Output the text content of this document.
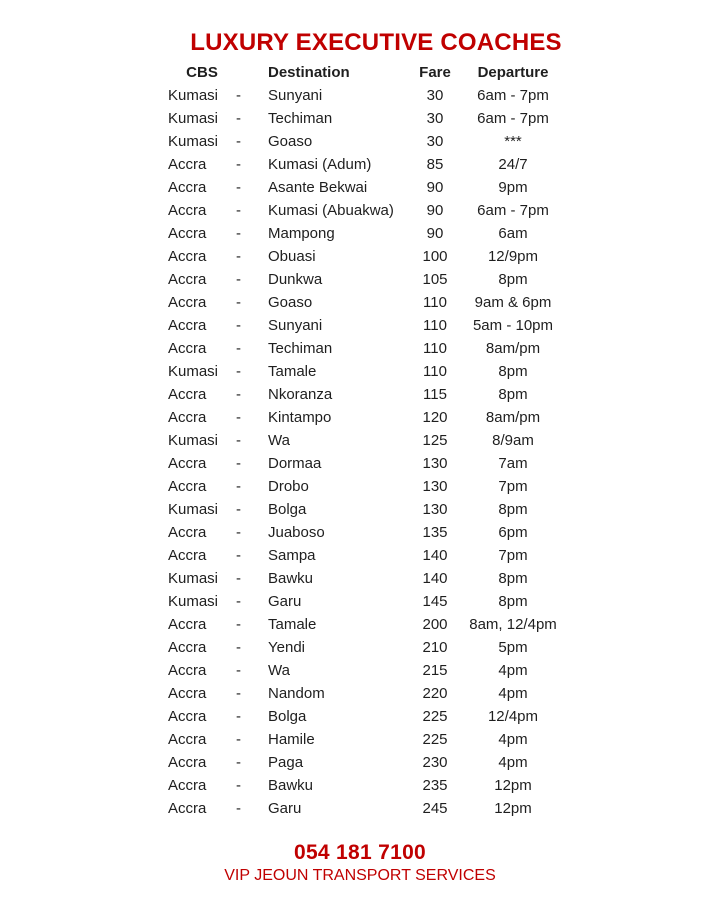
LUXURY EXECUTIVE COACHES
CBS	Destination	Fare	Departure
Kumasi	-	Sunyani	30	6am - 7pm
Kumasi	-	Techiman	30	6am - 7pm
Kumasi	-	Goaso	30	***
Accra	-	Kumasi (Adum)	85	24/7
Accra	-	Asante Bekwai	90	9pm
Accra	-	Kumasi (Abuakwa)	90	6am - 7pm
Accra	-	Mampong	90	6am
Accra	-	Obuasi	100	12/9pm
Accra	-	Dunkwa	105	8pm
Accra	-	Goaso	110	9am & 6pm
Accra	-	Sunyani	110	5am - 10pm
Accra	-	Techiman	110	8am/pm
Kumasi	-	Tamale	110	8pm
Accra	-	Nkoranza	115	8pm
Accra	-	Kintampo	120	8am/pm
Kumasi	-	Wa	125	8/9am
Accra	-	Dormaa	130	7am
Accra	-	Drobo	130	7pm
Kumasi	-	Bolga	130	8pm
Accra	-	Juaboso	135	6pm
Accra	-	Sampa	140	7pm
Kumasi	-	Bawku	140	8pm
Kumasi	-	Garu	145	8pm
Accra	-	Tamale	200	8am, 12/4pm
Accra	-	Yendi	210	5pm
Accra	-	Wa	215	4pm
Accra	-	Nandom	220	4pm
Accra	-	Bolga	225	12/4pm
Accra	-	Hamile	225	4pm
Accra	-	Paga	230	4pm
Accra	-	Bawku	235	12pm
Accra	-	Garu	245	12pm
054 181 7100
VIP JEOUN TRANSPORT SERVICES
